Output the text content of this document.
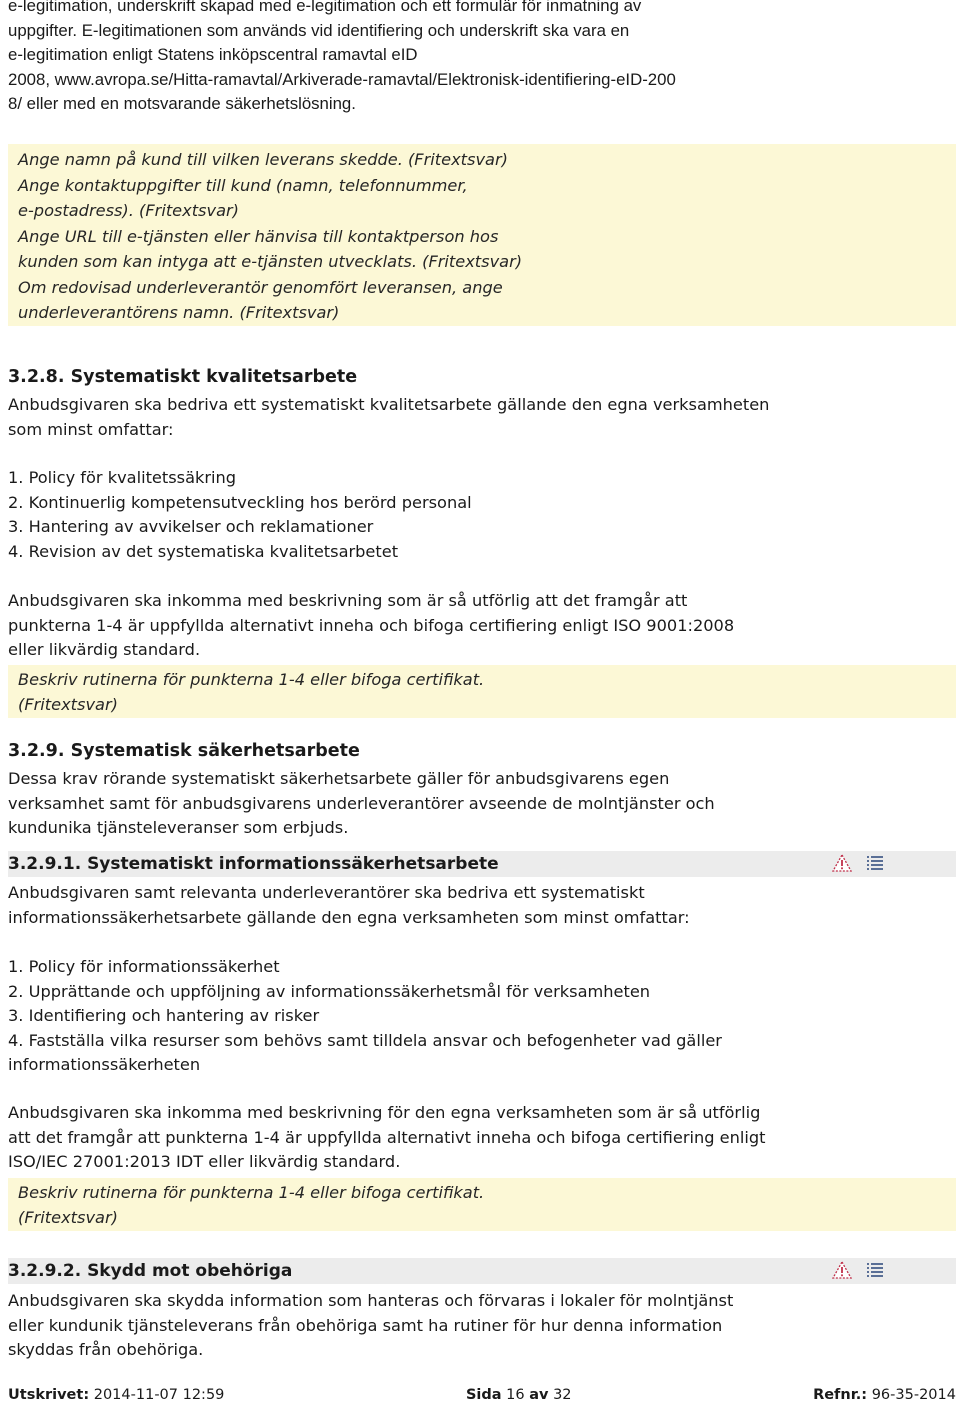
e-legitimation, underskrift skapad med e-legitimation och ett formulär för inmatning av
uppgifter. E-legitimationen som används vid identifiering och underskrift ska vara en
e-legitimation enligt Statens inköpscentral ramavtal eID
2008, www.avropa.se/Hitta-ramavtal/Arkiverade-ramavtal/Elektronisk-identifiering-eID-200
8/ eller med en motsvarande säkerhetslösning.
Ange namn på kund till vilken leverans skedde. (Fritextsvar)
Ange kontaktuppgifter till kund (namn, telefonnummer,
e-postadress). (Fritextsvar)
Ange URL till e-tjänsten eller hänvisa till kontaktperson hos
kunden som kan intyga att e-tjänsten utvecklats. (Fritextsvar)
Om redovisad underleverantör genomfört leveransen, ange
underleverantörens namn. (Fritextsvar)
3.2.8. Systematiskt kvalitetsarbete
Anbudsgivaren ska bedriva ett systematiskt kvalitetsarbete gällande den egna verksamheten
som minst omfattar:
1. Policy för kvalitetssäkring
2. Kontinuerlig kompetensutveckling hos berörd personal
3. Hantering av avvikelser och reklamationer
4. Revision av det systematiska kvalitetsarbetet
Anbudsgivaren ska inkomma med beskrivning som är så utförlig att det framgår att
punkterna 1-4 är uppfyllda alternativt inneha och bifoga certifiering enligt ISO 9001:2008
eller likvärdig standard.
Beskriv rutinerna för punkterna 1-4 eller bifoga certifikat.
(Fritextsvar)
3.2.9. Systematisk säkerhetsarbete
Dessa krav rörande systematiskt säkerhetsarbete gäller för anbudsgivarens egen
verksamhet samt för anbudsgivarens underleverantörer avseende de molntjänster och
kundunika tjänsteleveranser som erbjuds.
3.2.9.1. Systematiskt informationssäkerhetsarbete
Anbudsgivaren samt relevanta underleverantörer ska bedriva ett systematiskt
informationssäkerhetsarbete gällande den egna verksamheten som minst omfattar:
1. Policy för informationssäkerhet
2. Upprättande och uppföljning av informationssäkerhetsmål för verksamheten
3. Identifiering och hantering av risker
4. Fastställa vilka resurser som behövs samt tilldela ansvar och befogenheter vad gäller
informationssäkerheten
Anbudsgivaren ska inkomma med beskrivning för den egna verksamheten som är så utförlig
att det framgår att punkterna 1-4 är uppfyllda alternativt inneha och bifoga certifiering enligt
ISO/IEC 27001:2013 IDT eller likvärdig standard.
Beskriv rutinerna för punkterna 1-4 eller bifoga certifikat.
(Fritextsvar)
3.2.9.2. Skydd mot obehöriga
Anbudsgivaren ska skydda information som hanteras och förvaras i lokaler för molntjänst
eller kundunik tjänsteleverans från obehöriga samt ha rutiner för hur denna information
skyddas från obehöriga.
Utskrivet: 2014-11-07 12:59	Sida 16 av 32	Refnr.: 96-35-2014
